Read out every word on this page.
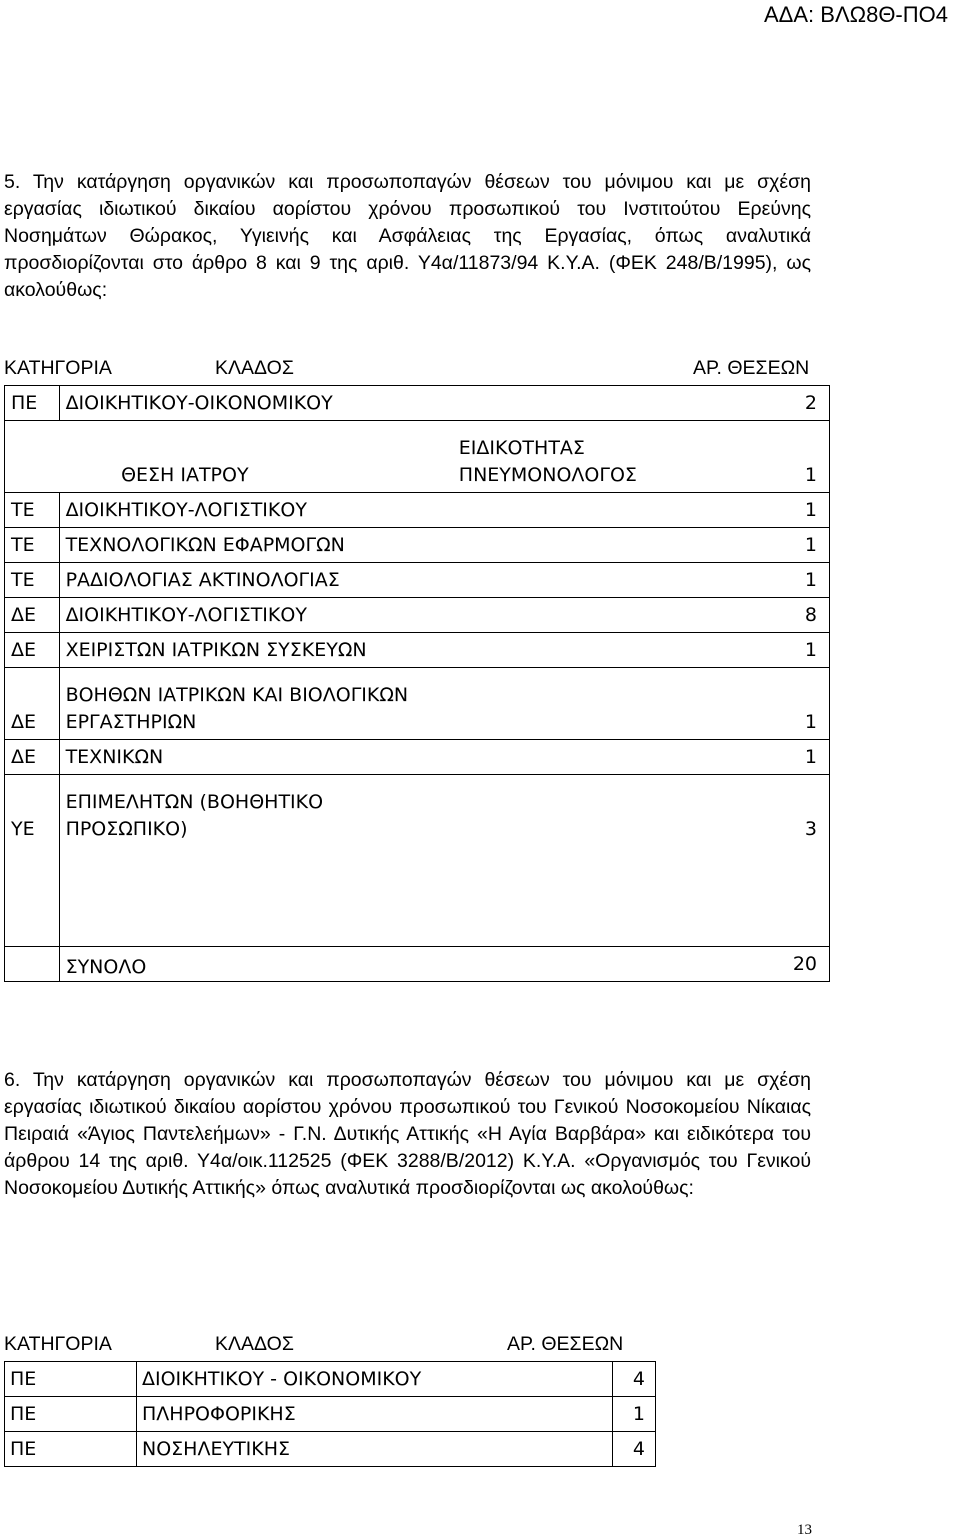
ΑΔΑ: ΒΛΩ8Θ-ΠΟ4
5. Την κατάργηση οργανικών και προσωποπαγών θέσεων του μόνιμου και με σχέση εργασίας ιδιωτικού δικαίου αορίστου χρόνου προσωπικού του Ινστιτούτου Ερεύνης Νοσημάτων Θώρακος, Υγιεινής και Ασφάλειας της Εργασίας, όπως αναλυτικά προσδιορίζονται στο άρθρο 8 και 9 της αριθ. Υ4α/11873/94 Κ.Υ.Α. (ΦΕΚ 248/Β/1995), ως ακολούθως:
ΚΑΤΗΓΟΡΙΑ	ΚΛΑΔΟΣ	ΑΡ. ΘΕΣΕΩΝ
ΠΕ	ΔΙΟΙΚΗΤΙΚΟΥ-ΟΙΚΟΝΟΜΙΚΟΥ		2
	ΘΕΣΗ ΙΑΤΡΟΥ	ΕΙΔΙΚΟΤΗΤΑΣ ΠΝΕΥΜΟΝΟΛΟΓΟΣ	1
ΤΕ	ΔΙΟΙΚΗΤΙΚΟΥ-ΛΟΓΙΣΤΙΚΟΥ		1
ΤΕ	ΤΕΧΝΟΛΟΓΙΚΩΝ ΕΦΑΡΜΟΓΩΝ		1
ΤΕ	ΡΑΔΙΟΛΟΓΙΑΣ ΑΚΤΙΝΟΛΟΓΙΑΣ		1
ΔΕ	ΔΙΟΙΚΗΤΙΚΟΥ-ΛΟΓΙΣΤΙΚΟΥ		8
ΔΕ	ΧΕΙΡΙΣΤΩΝ ΙΑΤΡΙΚΩΝ ΣΥΣΚΕΥΩΝ		1
ΔΕ	ΒΟΗΘΩΝ ΙΑΤΡΙΚΩΝ ΚΑΙ ΒΙΟΛΟΓΙΚΩΝ ΕΡΓΑΣΤΗΡΙΩΝ		1
ΔΕ	ΤΕΧΝΙΚΩΝ		1
ΥΕ	ΕΠΙΜΕΛΗΤΩΝ (ΒΟΗΘΗΤΙΚΟ ΠΡΟΣΩΠΙΚΟ)		3

	ΣΥΝΟΛΟ		20
6. Την κατάργηση οργανικών και προσωποπαγών θέσεων του μόνιμου και με σχέση εργασίας ιδιωτικού δικαίου αορίστου χρόνου προσωπικού του Γενικού Νοσοκομείου Νίκαιας Πειραιά «Άγιος Παντελεήμων» - Γ.Ν. Δυτικής Αττικής «Η Αγία Βαρβάρα» και ειδικότερα του άρθρου 14 της αριθ. Υ4α/οικ.112525 (ΦΕΚ 3288/Β/2012) Κ.Υ.Α. «Οργανισμός του Γενικού Νοσοκομείου Δυτικής Αττικής» όπως αναλυτικά προσδιορίζονται ως ακολούθως:
ΚΑΤΗΓΟΡΙΑ	ΚΛΑΔΟΣ	ΑΡ. ΘΕΣΕΩΝ
ΠΕ	ΔΙΟΙΚΗΤΙΚΟΥ - ΟΙΚΟΝΟΜΙΚΟΥ	4
ΠΕ	ΠΛΗΡΟΦΟΡΙΚΗΣ	1
ΠΕ	ΝΟΣΗΛΕΥΤΙΚΗΣ	4
13
